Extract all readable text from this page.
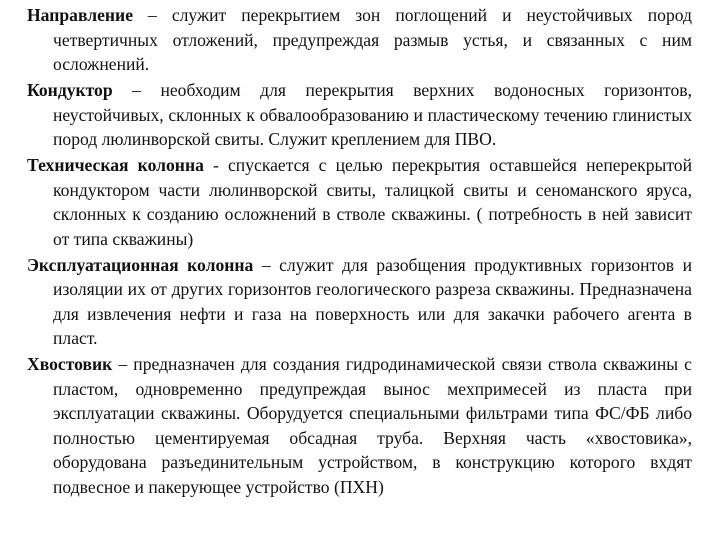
Направление – служит перекрытием зон поглощений и неустойчивых пород четвертичных отложений, предупреждая размыв устья, и связанных с ним осложнений.

Кондуктор – необходим для перекрытия верхних водоносных горизонтов, неустойчивых, склонных к обвалообразованию и пластическому течению глинистых пород люлинворской свиты. Служит креплением для ПВО.

Техническая колонна - спускается с целью перекрытия оставшейся неперекрытой кондуктором части люлинворской свиты, талицкой свиты и сеноманского яруса, склонных к созданию осложнений в стволе скважины. ( потребность в ней зависит от типа скважины)

Эксплуатационная колонна – служит для разобщения продуктивных горизонтов и изоляции их от других горизонтов геологического разреза скважины. Предназначена для извлечения нефти и газа на поверхность или для закачки рабочего агента в пласт.

Хвостовик – предназначен для создания гидродинамической связи ствола скважины с пластом, одновременно предупреждая вынос мехпримесей из пласта при эксплуатации скважины. Оборудуется специальными фильтрами типа ФС/ФБ либо полностью цементируемая обсадная труба. Верхняя часть «хвостовика», оборудована разъединительным устройством, в конструкцию которого вхдят подвесное и пакерующее устройство (ПХН)
